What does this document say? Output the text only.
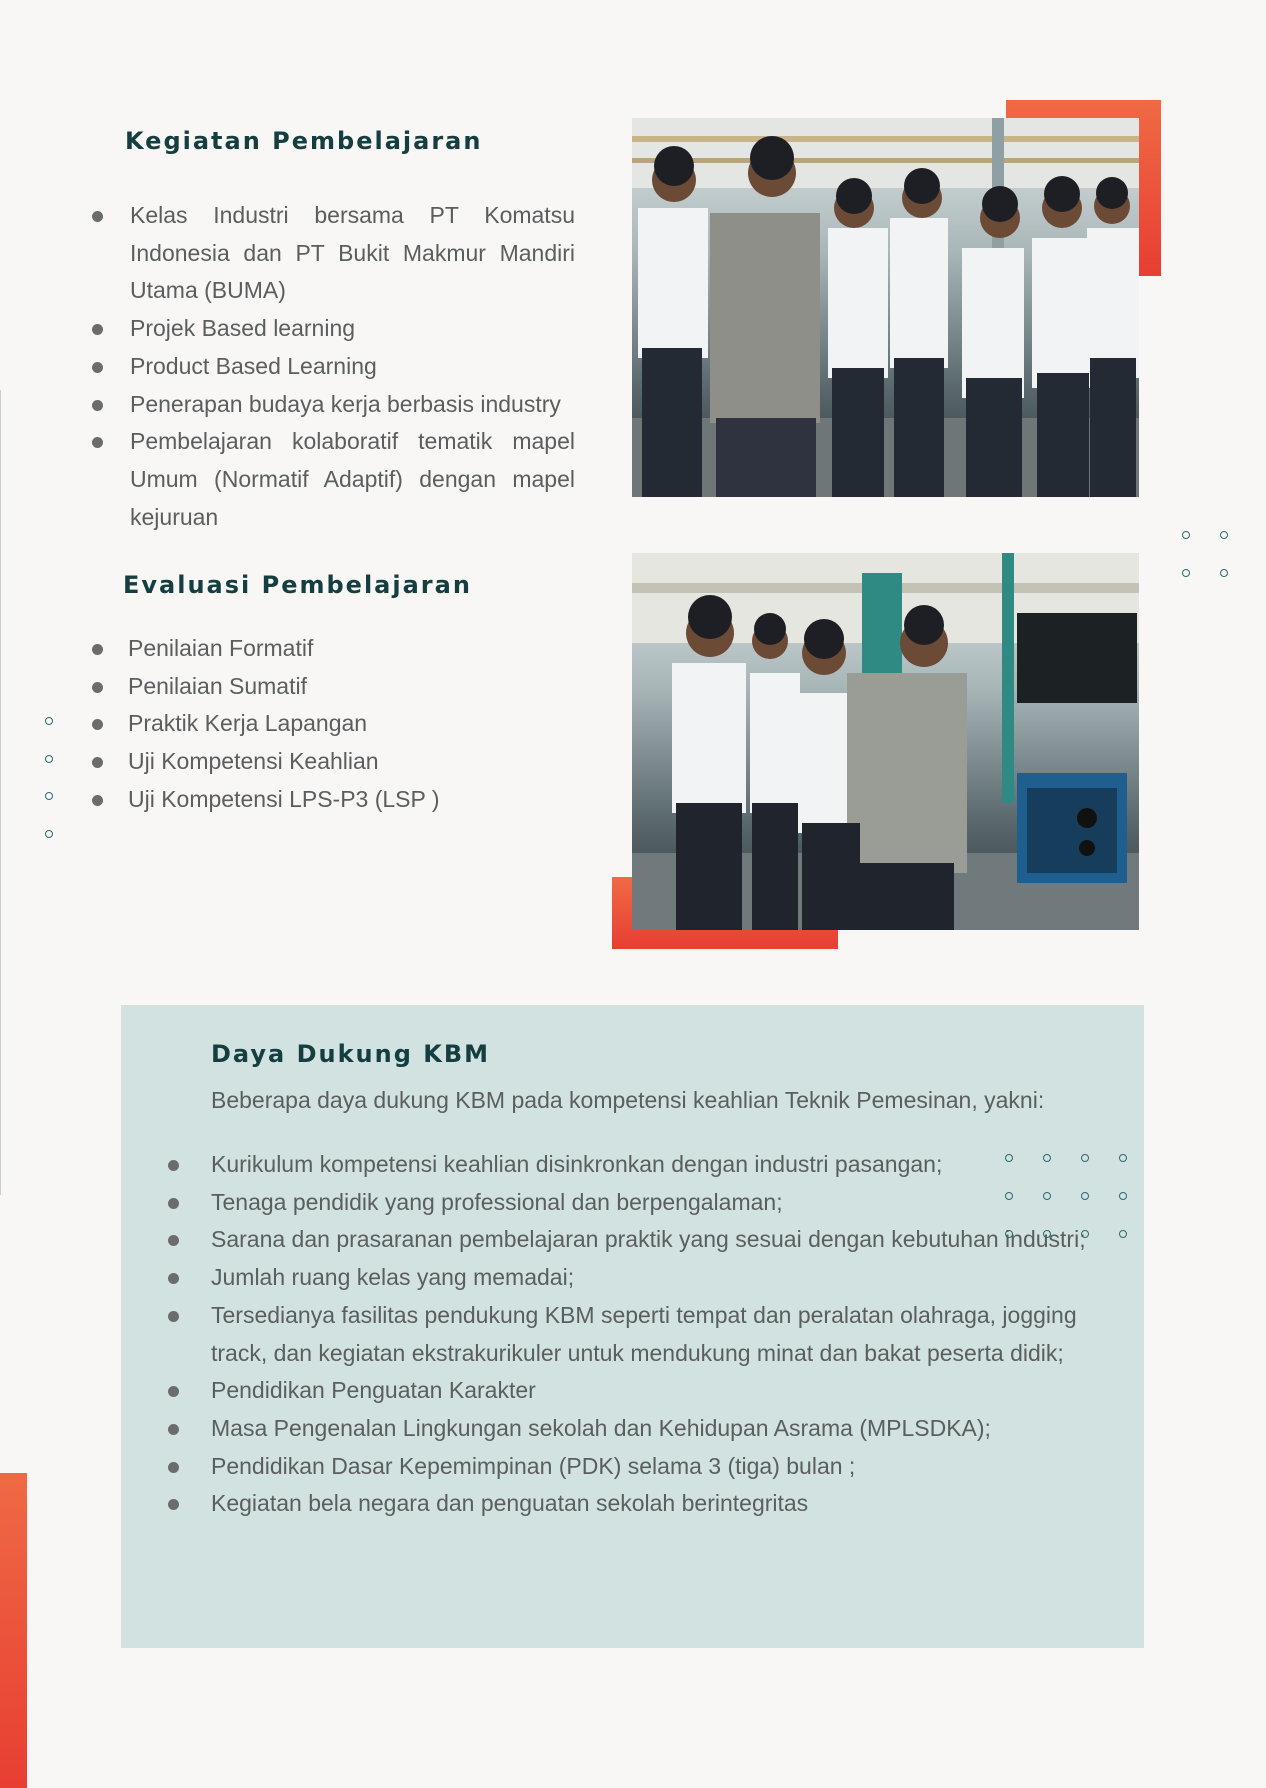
Kegiatan Pembelajaran
Kelas Industri bersama PT Komatsu Indonesia dan PT Bukit Makmur Mandiri Utama (BUMA)
Projek Based learning
Product Based Learning
Penerapan budaya kerja berbasis industry
Pembelajaran kolaboratif tematik mapel Umum (Normatif Adaptif) dengan mapel kejuruan
Evaluasi Pembelajaran
Penilaian Formatif
Penilaian Sumatif
Praktik Kerja Lapangan
Uji Kompetensi Keahlian
Uji Kompetensi LPS-P3 (LSP )
Daya Dukung KBM

Beberapa daya dukung KBM pada kompetensi keahlian Teknik Pemesinan, yakni:

Kurikulum kompetensi keahlian disinkronkan dengan industri pasangan;
Tenaga pendidik yang professional dan berpengalaman;
Sarana dan prasaranan pembelajaran praktik yang sesuai dengan kebutuhan industri;
Jumlah ruang kelas yang memadai;
Tersedianya fasilitas pendukung KBM seperti tempat dan peralatan olahraga, jogging track, dan kegiatan ekstrakurikuler untuk mendukung minat dan bakat peserta didik;
Pendidikan Penguatan Karakter
Masa Pengenalan Lingkungan sekolah dan Kehidupan Asrama (MPLSDKA);
Pendidikan Dasar Kepemimpinan (PDK) selama 3 (tiga) bulan ;
Kegiatan bela negara dan penguatan sekolah berintegritas
